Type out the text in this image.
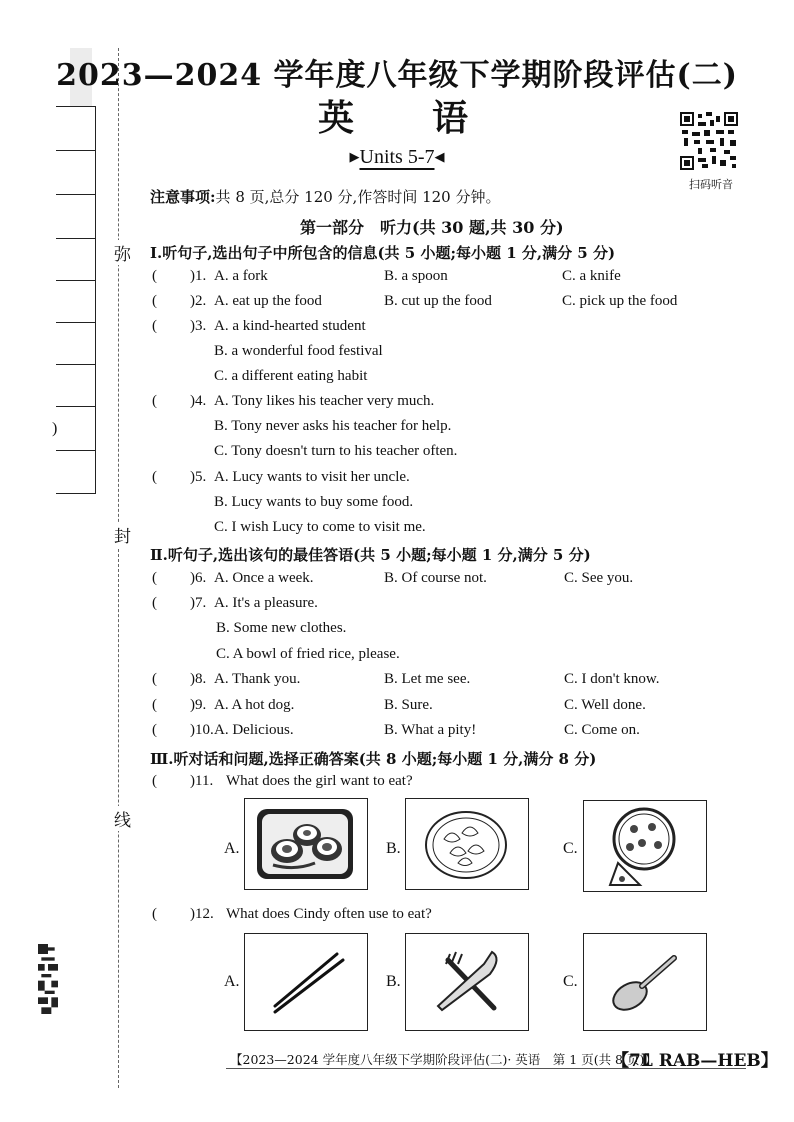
)
弥
封
线
2023—2024 学年度八年级下学期阶段评估(二)
英语
▶Units 5-7◀
扫码听音
注意事项:共 8 页,总分 120 分,作答时间 120 分钟。
第一部分　听力(共 30 题,共 30 分)
Ⅰ.听句子,选出句子中所包含的信息(共 5 小题;每小题 1 分,满分 5 分)
( )1. A. a fork	B. a spoon	C. a knife
( )2. A. eat up the food	B. cut up the food	C. pick up the food
( )3. A. a kind-hearted student
B. a wonderful food festival
C. a different eating habit
( )4. A. Tony likes his teacher very much.
B. Tony never asks his teacher for help.
C. Tony doesn't turn to his teacher often.
( )5. A. Lucy wants to visit her uncle.
B. Lucy wants to buy some food.
C. I wish Lucy to come to visit me.
Ⅱ.听句子,选出该句的最佳答语(共 5 小题;每小题 1 分,满分 5 分)
( )6. A. Once a week.	B. Of course not.	C. See you.
( )7. A. It's a pleasure.
B. Some new clothes.
C. A bowl of fried rice, please.
( )8. A. Thank you.	B. Let me see.	C. I don't know.
( )9. A. A hot dog.	B. Sure.	C. Well done.
( )10. A. Delicious.	B. What a pity!	C. Come on.
Ⅲ.听对话和问题,选择正确答案(共 8 小题;每小题 1 分,满分 8 分)
( )11. What does the girl want to eat?
A.	B.	C.
( )12. What does Cindy often use to eat?
A.	B.	C.
【2023—2024 学年度八年级下学期阶段评估(二)· 英语　第 1 页(共 8 页)】
【7L RAB—HEB】
